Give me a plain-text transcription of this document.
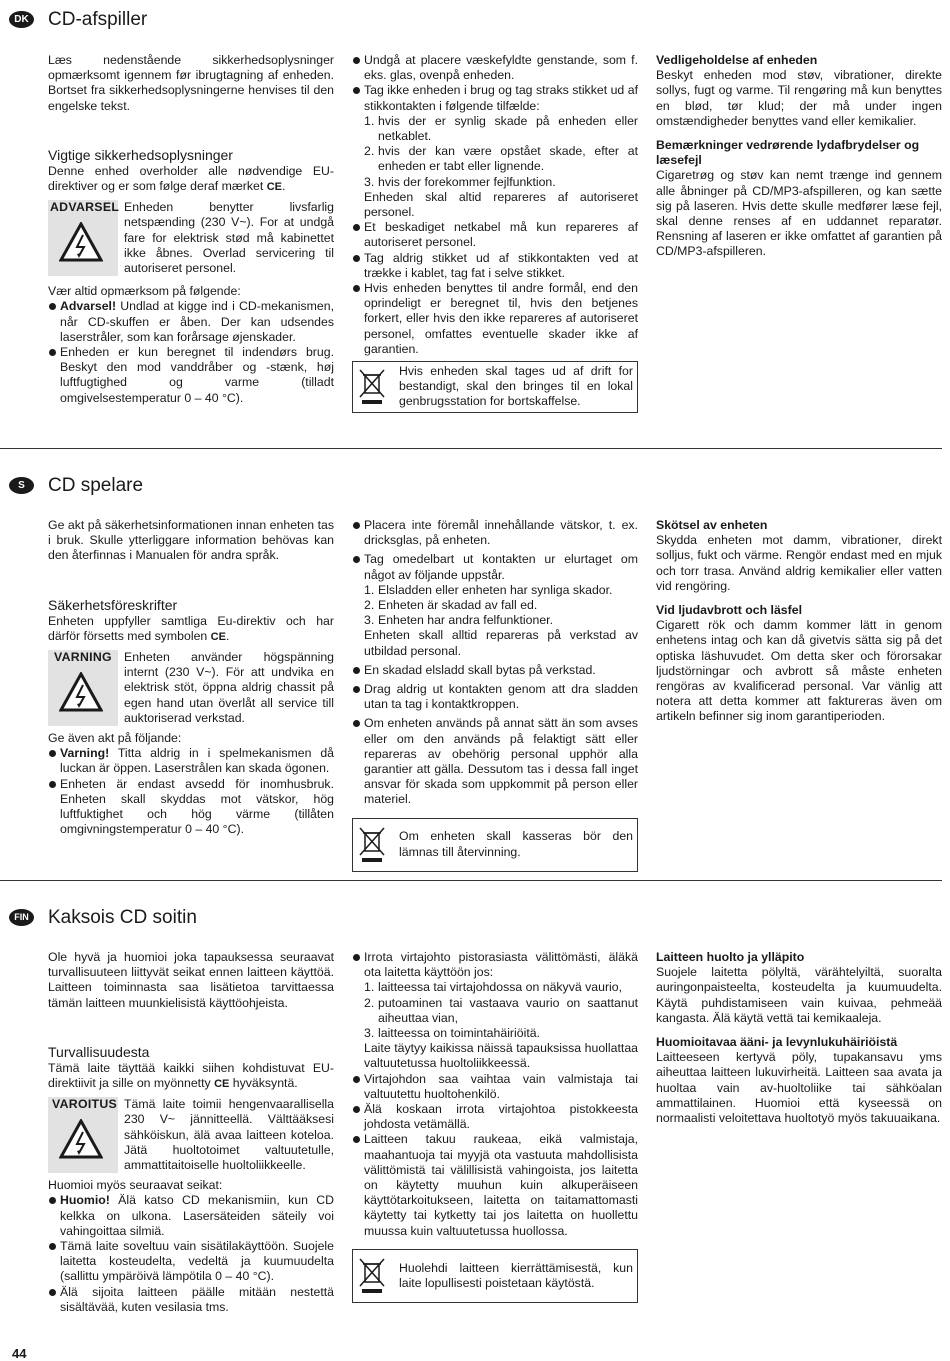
DK CD-afspiller

Læs nedenstående sikkerhedsoplysninger opmærksomt igennem før ibrugtagning af enheden. Bortset fra sikkerhedsoplysningerne henvises til den engelske tekst.

Vigtige sikkerhedsoplysninger

Denne enhed overholder alle nødvendige EU-direktiver og er som følge deraf mærket CE.

ADVARSEL Enheden benytter livsfarlig netspænding (230 V~). For at undgå fare for elektrisk stød må kabinettet ikke åbnes. Overlad servicering til autoriseret personel.

Vær altid opmærksom på følgende:

Advarsel! Undlad at kigge ind i CD-mekanismen, når CD-skuffen er åben. Der kan udsendes laserstråler, som kan forårsage øjenskader.
Enheden er kun beregnet til indendørs brug. Beskyt den mod vanddråber og -stænk, høj luftfugtighed og varme (tilladt omgivelsestemperatur 0 – 40 °C).
Undgå at placere væskefyldte genstande, som f. eks. glas, ovenpå enheden.
Tag ikke enheden i brug og tag straks stikket ud af stikkontakten i følgende tilfælde:
1. hvis der er synlig skade på enheden eller netkablet.
2. hvis der kan være opstået skade, efter at enheden er tabt eller lignende.
3. hvis der forekommer fejlfunktion.
Enheden skal altid repareres af autoriseret personel.
Et beskadiget netkabel må kun repareres af autoriseret personel.
Tag aldrig stikket ud af stikkontakten ved at trække i kablet, tag fat i selve stikket.
Hvis enheden benyttes til andre formål, end den oprindeligt er beregnet til, hvis den betjenes forkert, eller hvis den ikke repareres af autoriseret personel, omfattes eventuelle skader ikke af garantien.

Hvis enheden skal tages ud af drift for bestandigt, skal den bringes til en lokal genbrugsstation for bortskaffelse.

Vedligeholdelse af enheden

Beskyt enheden mod støv, vibrationer, direkte sollys, fugt og varme. Til rengøring må kun benyttes en blød, tør klud; der må under ingen omstændigheder benyttes vand eller kemikalier.

Bemærkninger vedrørende lydafbrydelser og læsefejl

Cigaretrøg og støv kan nemt trænge ind gennem alle åbninger på CD/MP3-afspilleren, og kan sætte sig på laseren. Hvis dette skulle medfører læse fejl, skal denne renses af en uddannet reparatør. Rensning af laseren er ikke omfattet af garantien på CD/MP3-afspilleren.

S	CD spelare

Ge akt på säkerhetsinformationen innan enheten tas i bruk. Skulle ytterliggare information behövas kan den återfinnas i Manualen för andra språk.

Säkerhetsföreskrifter

Enheten uppfyller samtliga Eu-direktiv och har därför försetts med symbolen CE.

VARNING Enheten använder högspänning internt (230 V~). För att undvika en elektrisk stöt, öppna aldrig chassit på egen hand utan överlåt all service till auktoriserad verkstad.

Ge även akt på följande:

Varning! Titta aldrig in i spelmekanismen då luckan är öppen. Laserstrålen kan skada ögonen.
Enheten är endast avsedd för inomhusbruk. Enheten skall skyddas mot vätskor, hög luftfuktighet och hög värme (tillåten omgivningstemperatur 0 – 40 °C).
Placera inte föremål innehållande vätskor, t. ex. dricksglas, på enheten.
Tag omedelbart ut kontakten ur elurtaget om något av följande uppstår.
1. Elsladden eller enheten har synliga skador.
2. Enheten är skadad av fall ed.
3. Enheten har andra felfunktioner.
Enheten skall alltid repareras på verkstad av utbildad personal.
En skadad elsladd skall bytas på verkstad.
Drag aldrig ut kontakten genom att dra sladden utan ta tag i kontaktkroppen.
Om enheten används på annat sätt än som avses eller om den används på felaktigt sätt eller repareras av obehörig personal upphör alla garantier att gälla. Dessutom tas i dessa fall inget ansvar för skada som uppkommit på person eller materiel.

Om enheten skall kasseras bör den lämnas till återvinning.

Skötsel av enheten

Skydda enheten mot damm, vibrationer, direkt solljus, fukt och värme. Rengör endast med en mjuk och torr trasa. Använd aldrig kemikalier eller vatten vid rengöring.

Vid ljudavbrott och läsfel

Cigarett rök och damm kommer lätt in genom enhetens intag och kan då givetvis sätta sig på det optiska läshuvudet. Om detta sker och förorsakar ljudstörningar och avbrott så måste enheten rengöras av kvalificerad personal. Var vänlig att notera att detta kommer att faktureras även om artikeln befinner sig inom garantiperioden.

FIN Kaksois CD soitin

Ole hyvä ja huomioi joka tapauksessa seuraavat turvallisuuteen liittyvät seikat ennen laitteen käyttöä. Laitteen toiminnasta saa lisätietoa tarvittaessa tämän laitteen muunkielisistä käyttöohjeista.

Turvallisuudesta

Tämä laite täyttää kaikki siihen kohdistuvat EU-direktiivit ja sille on myönnetty CE hyväksyntä.

VAROITUS Tämä laite toimii hengenvaarallisella 230 V~ jännitteellä. Välttääksesi sähköiskun, älä avaa laitteen koteloa. Jätä huoltotoimet valtuutetulle, ammattitaitoiselle huoltoliikkeelle.

Huomioi myös seuraavat seikat:

Huomio! Älä katso CD mekanismiin, kun CD kelkka on ulkona. Lasersäteiden säteily voi vahingoittaa silmiä.
Tämä laite soveltuu vain sisätilakäyttöön. Suojele laitetta kosteudelta, vedeltä ja kuumuudelta (sallittu ympäröivä lämpötila 0 – 40 °C).
Älä sijoita laitteen päälle mitään nestettä sisältävää, kuten vesilasia tms.
Irrota virtajohto pistorasiasta välittömästi, äläkä ota laitetta käyttöön jos:
1. laitteessa tai virtajohdossa on näkyvä vaurio,
2. putoaminen tai vastaava vaurio on saattanut aiheuttaa vian,
3. laitteessa on toimintahäiriöitä.
Laite täytyy kaikissa näissä tapauksissa huollattaa valtuutetussa huoltoliikkeessä.
Virtajohdon saa vaihtaa vain valmistaja tai valtuutettu huoltohenkilö.
Älä koskaan irrota virtajohtoa pistokkeesta johdosta vetämällä.
Laitteen takuu raukeaa, eikä valmistaja, maahantuoja tai myyjä ota vastuuta mahdollisista välittömistä tai välillisistä vahingoista, jos laitetta on käytetty muuhun kuin alkuperäiseen käyttötarkoitukseen, laitetta on taitamattomasti käytetty tai kytketty tai jos laitetta on huollettu muussa kuin valtuutetussa huollossa.

Huolehdi laitteen kierrättämisestä, kun laite lopullisesti poistetaan käytöstä.

Laitteen huolto ja ylläpito

Suojele laitetta pölyltä, värähtelyiltä, suoralta auringonpaisteelta, kosteudelta ja kuumuudelta. Käytä puhdistamiseen vain kuivaa, pehmeää kangasta. Älä käytä vettä tai kemikaaleja.

Huomioitavaa ääni- ja levynlukuhäiriöistä

Laitteeseen kertyvä pöly, tupakansavu yms aiheuttaa laitteen lukuvirheitä. Laitteen saa avata ja huoltaa vain av-huoltoliike tai sähköalan ammattilainen. Huomioi että kyseessä on normaalisti veloitettava huoltotyö myös takuuaikana.

44
